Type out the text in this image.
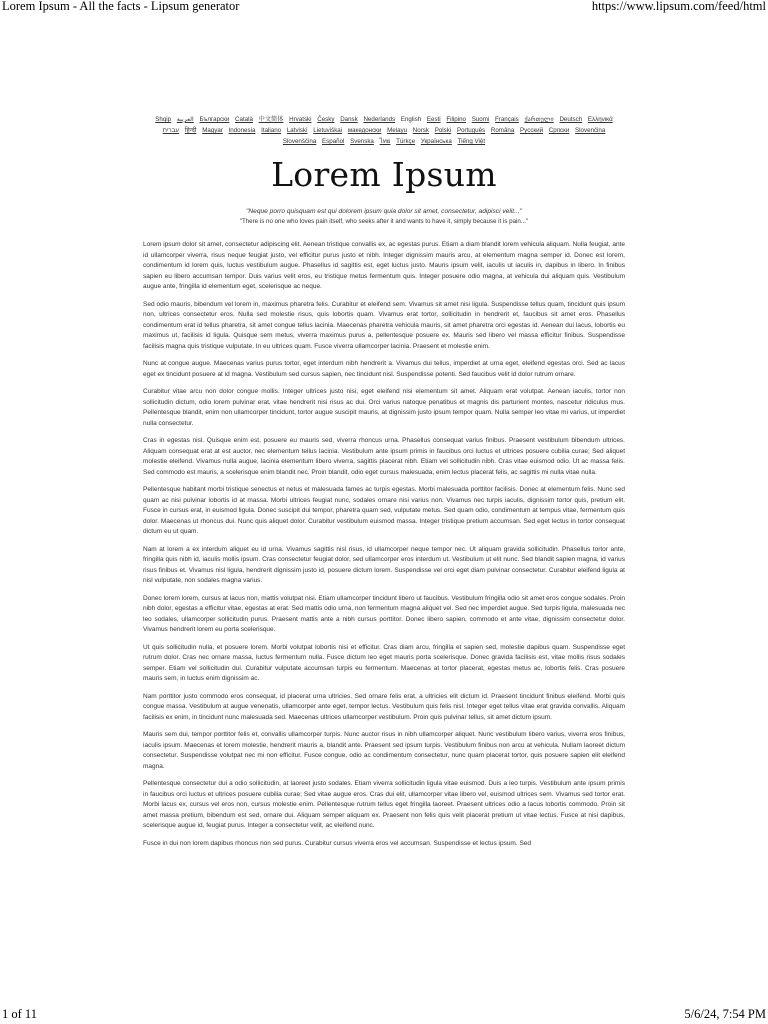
Lorem Ipsum - All the facts - Lipsum generator	https://www.lipsum.com/feed/html
Shqip العربية Български Català 中文简体 Hrvatski Česky Dansk Nederlands English Eesti Filipino Suomi Français ქართული Deutsch Ελληνικά עברית हिन्दी Magyar Indonesia Italiano Latviski Lietuviškai македонски Melayu Norsk Polski Português Româna Pyccкий Српски Slovenčina Slovenščina Español Svenska ไทย Türkçe Українська Tiếng Việt
Lorem Ipsum
"Neque porro quisquam est qui dolorem ipsum quia dolor sit amet, consectetur, adipisci velit..."
"There is no one who loves pain itself, who seeks after it and wants to have it, simply because it is pain..."

Lorem ipsum dolor sit amet, consectetur adipiscing elit. Aenean tristique convallis ex, ac egestas purus. Etiam a diam blandit lorem vehicula aliquam. Nulla feugiat, ante id ullamcorper viverra, risus neque feugiat justo, vel efficitur purus justo et nibh. Integer dignissim mauris arcu, at elementum magna semper id. Donec est lorem, condimentum id lorem quis, luctus vestibulum augue. Phasellus id sagittis est, eget luctus justo. Mauris ipsum velit, iaculis ut iaculis in, dapibus in libero. In finibus sapien eu libero accumsan tempor. Duis varius velit eros, eu tristique metus fermentum quis. Integer posuere odio magna, at vehicula dui aliquam quis. Vestibulum augue ante, fringilla id elementum eget, scelerisque ac neque.

Sed odio mauris, bibendum vel lorem in, maximus pharetra felis. Curabitur et eleifend sem. Vivamus sit amet nisi ligula. Suspendisse tellus quam, tincidunt quis ipsum non, ultrices consectetur eros. Nulla sed molestie risus, quis lobortis quam. Vivamus erat tortor, sollicitudin in hendrerit et, faucibus sit amet eros. Phasellus condimentum erat id tellus pharetra, sit amet congue tellus lacinia. Maecenas pharetra vehicula mauris, sit amet pharetra orci egestas id. Aenean dui lacus, lobortis eu maximus ut, facilisis id ligula. Quisque sem metus, viverra maximus purus a, pellentesque posuere ex. Mauris sed libero vel massa efficitur finibus. Suspendisse facilisis magna quis tristique vulputate. In eu ultrices quam. Fusce viverra ullamcorper lacinia. Praesent et molestie enim.

Nunc at congue augue. Maecenas varius purus tortor, eget interdum nibh hendrerit a. Vivamus dui tellus, imperdiet at urna eget, eleifend egestas orci. Sed ac lacus eget ex tincidunt posuere at id magna. Vestibulum sed cursus sapien, nec tincidunt nisl. Suspendisse potenti. Sed faucibus velit id dolor rutrum ornare.

Curabitur vitae arcu non dolor congue mollis. Integer ultrices justo nisi, eget eleifend nisi elementum sit amet. Aliquam erat volutpat. Aenean iaculis, tortor non sollicitudin dictum, odio lorem pulvinar erat, vitae hendrerit nisi risus ac dui. Orci varius natoque penatibus et magnis dis parturient montes, nascetur ridiculus mus. Pellentesque blandit, enim non ullamcorper tincidunt, tortor augue suscipit mauris, at dignissim justo ipsum tempor quam. Nulla semper leo vitae mi varius, ut imperdiet nulla consectetur.

Cras in egestas nisl. Quisque enim est, posuere eu mauris sed, viverra rhoncus urna. Phasellus consequat varius finibus. Praesent vestibulum bibendum ultrices. Aliquam consequat erat at est auctor, nec elementum tellus lacinia. Vestibulum ante ipsum primis in faucibus orci luctus et ultrices posuere cubilia curae; Sed aliquet molestie eleifend. Vivamus nulla augue, lacinia elementum libero viverra, sagittis placerat nibh. Etiam vel sollicitudin nibh. Cras vitae euismod odio. Ut ac massa felis. Sed commodo est mauris, a scelerisque enim blandit nec. Proin blandit, odio eget cursus malesuada, enim lectus placerat felis, ac sagittis mi nulla vitae nulla.

Pellentesque habitant morbi tristique senectus et netus et malesuada fames ac turpis egestas. Morbi malesuada porttitor facilisis. Donec at elementum felis. Nunc sed quam ac nisi pulvinar lobortis id at massa. Morbi ultrices feugiat nunc, sodales ornare nisi varius non. Vivamus nec turpis iaculis, dignissim tortor quis, pretium elit. Fusce in cursus erat, in euismod ligula. Donec suscipit dui tempor, pharetra quam sed, vulputate metus. Sed quam odio, condimentum at tempus vitae, fermentum quis dolor. Maecenas ut rhoncus dui. Nunc quis aliquet dolor. Curabitur vestibulum euismod massa. Integer tristique pretium accumsan. Sed eget lectus in tortor consequat dictum eu ut quam.

Nam at lorem a ex interdum aliquet eu id urna. Vivamus sagittis nisl risus, id ullamcorper neque tempor nec. Ut aliquam gravida sollicitudin. Phasellus tortor ante, fringilla quis nibh id, iaculis mollis ipsum. Cras consectetur feugiat dolor, sed ullamcorper eros interdum ut. Vestibulum ut elit nunc. Sed blandit sapien magna, id varius risus finibus et. Vivamus nisl ligula, hendrerit dignissim justo id, posuere dictum lorem. Suspendisse vel orci eget diam pulvinar consectetur. Curabitur eleifend ligula at nisl vulputate, non sodales magna varius.

Donec lorem lorem, cursus at lacus non, mattis volutpat nisi. Etiam ullamcorper tincidunt libero ut faucibus. Vestibulum fringilla odio sit amet eros congue sodales. Proin nibh dolor, egestas a efficitur vitae, egestas at erat. Sed mattis odio urna, non fermentum magna aliquet vel. Sed nec imperdiet augue. Sed turpis ligula, malesuada nec leo sodales, ullamcorper sollicitudin purus. Praesent mattis ante a nibh cursus porttitor. Donec libero sapien, commodo et ante vitae, dignissim consectetur dolor. Vivamus hendrerit lorem eu porta scelerisque.

Ut quis sollicitudin nulla, et posuere lorem. Morbi volutpat lobortis nisi et efficitur. Cras diam arcu, fringilla et sapien sed, molestie dapibus quam. Suspendisse eget rutrum dolor. Cras nec ornare massa, luctus fermentum nulla. Fusce dictum leo eget mauris porta scelerisque. Donec gravida facilisis est, vitae mollis risus sodales semper. Etiam vel sollicitudin dui. Curabitur vulputate accumsan turpis eu fermentum. Maecenas at tortor placerat, egestas metus ac, lobortis felis. Cras posuere mauris sem, in luctus enim dignissim ac.

Nam porttitor justo commodo eros consequat, id placerat urna ultricies. Sed ornare felis erat, a ultricies elit dictum id. Praesent tincidunt finibus eleifend. Morbi quis congue massa. Vestibulum at augue venenatis, ullamcorper ante eget, tempor lectus. Vestibulum quis felis nisl. Integer eget tellus vitae erat gravida convallis. Aliquam facilisis ex enim, in tincidunt nunc malesuada sed. Maecenas ultrices ullamcorper vestibulum. Proin quis pulvinar tellus, sit amet dictum ipsum.

Mauris sem dui, tempor porttitor felis et, convallis ullamcorper turpis. Nunc auctor risus in nibh ullamcorper aliquet. Nunc vestibulum libero varius, viverra eros finibus, iaculis ipsum. Maecenas et lorem molestie, hendrerit mauris a, blandit ante. Praesent sed ipsum turpis. Vestibulum finibus non arcu at vehicula. Nullam laoreet dictum consectetur. Suspendisse volutpat nec mi non efficitur. Fusce congue, odio ac condimentum consectetur, nunc quam placerat tortor, quis posuere sapien elit eleifend magna.

Pellentesque consectetur dui a odio sollicitudin, at laoreet justo sodales. Etiam viverra sollicitudin ligula vitae euismod. Duis a leo turpis. Vestibulum ante ipsum primis in faucibus orci luctus et ultrices posuere cubilia curae; Sed vitae augue eros. Cras dui elit, ullamcorper vitae libero vel, euismod ultrices sem. Vivamus sed tortor erat. Morbi lacus ex, cursus vel eros non, cursus molestie enim. Pellentesque rutrum tellus eget fringilla laoreet. Praesent ultrices odio a lacus lobortis commodo. Proin sit amet massa pretium, bibendum est sed, ornare dui. Aliquam semper aliquam ex. Praesent non felis quis velit placerat pretium ut vitae lectus. Fusce at nisi dapibus, scelerisque augue id, feugiat purus. Integer a consectetur velit, ac eleifend nunc.

Fusce in dui non lorem dapibus rhoncus non sed purus. Curabitur cursus viverra eros vel accumsan. Suspendisse et lectus ipsum. Sed

1 of 11	5/6/24, 7:54 PM
